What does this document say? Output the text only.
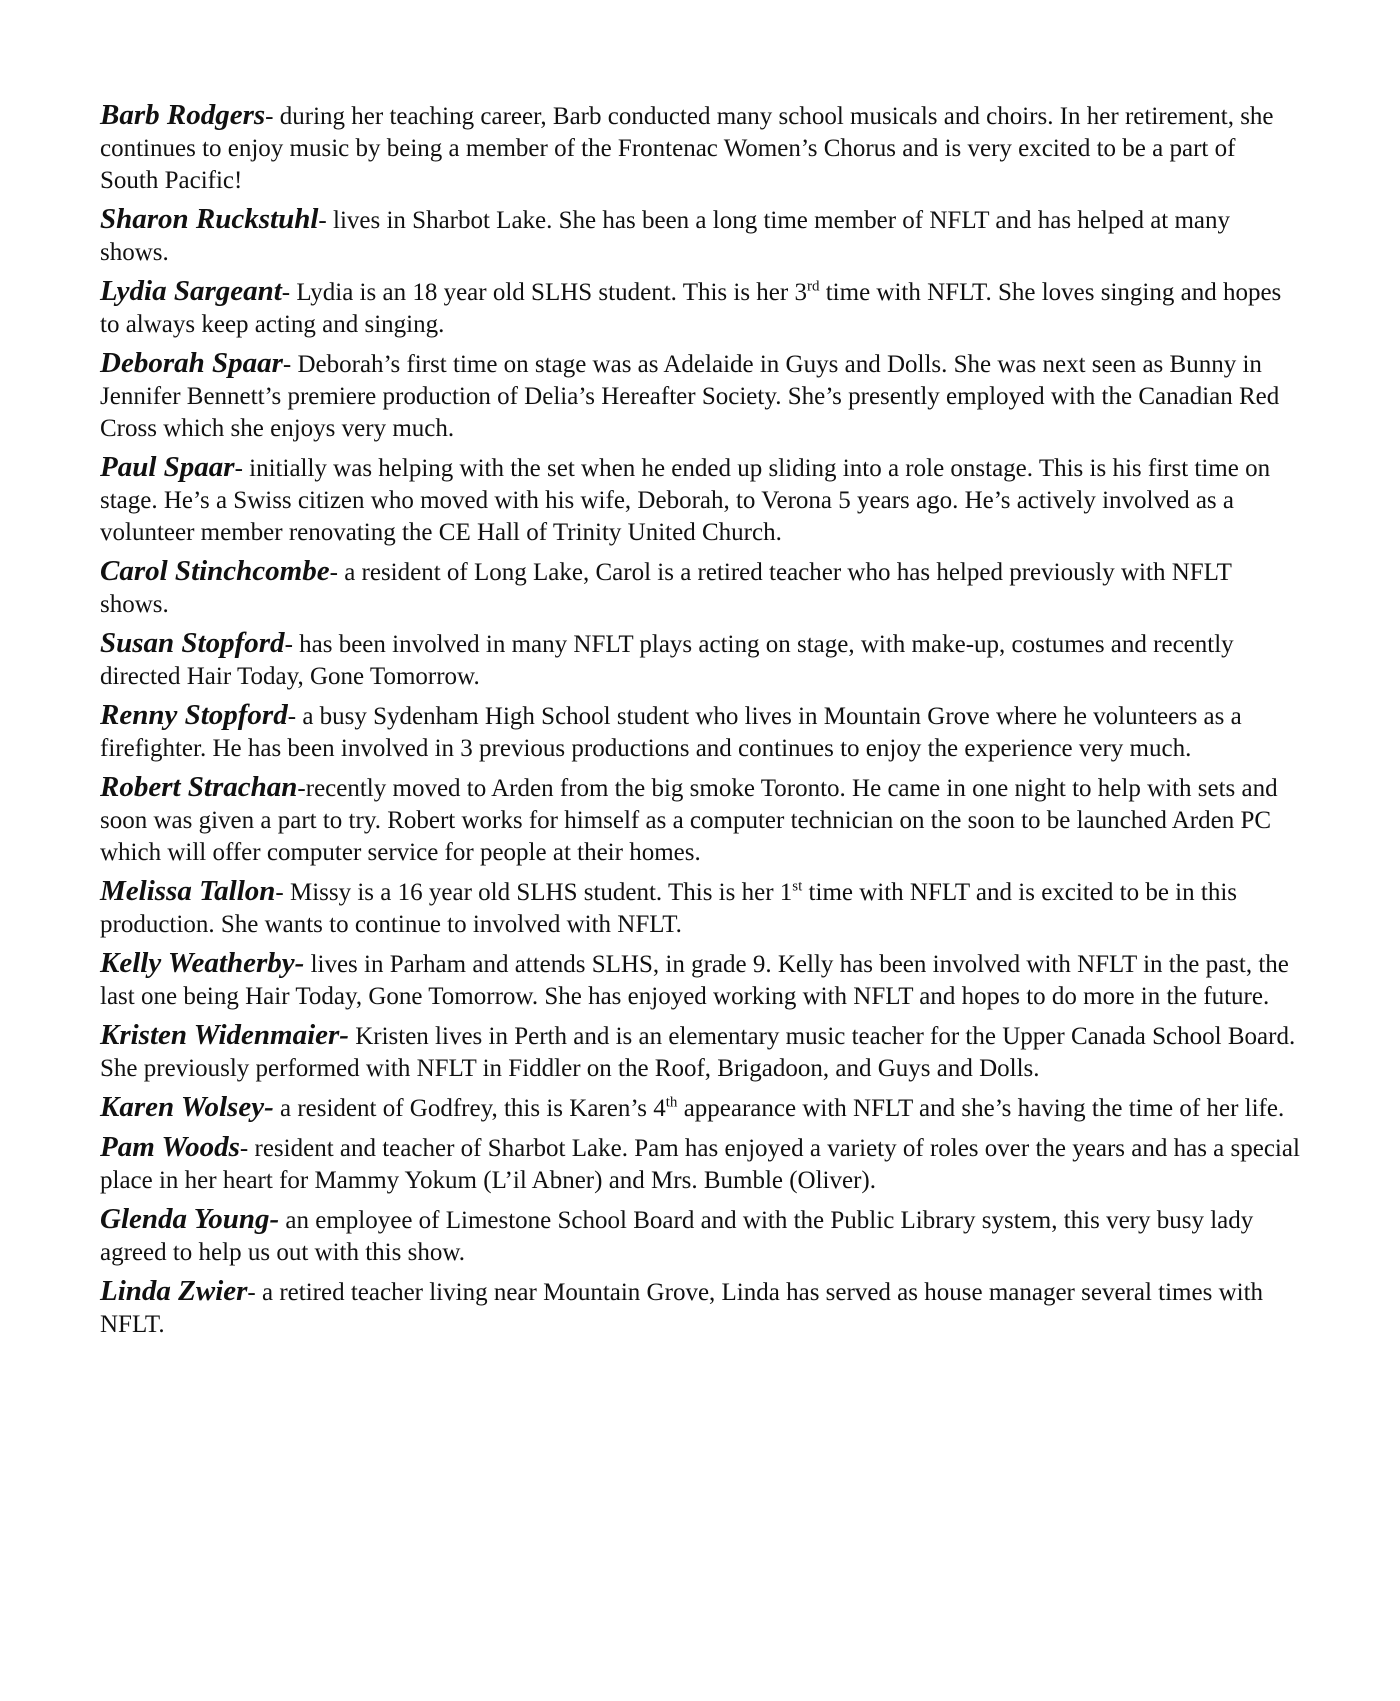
Barb Rodgers- during her teaching career, Barb conducted many school musicals and choirs. In her retirement, she continues to enjoy music by being a member of the Frontenac Women’s Chorus and is very excited to be a part of South Pacific!

Sharon Ruckstuhl- lives in Sharbot Lake. She has been a long time member of NFLT and has helped at many shows.

Lydia Sargeant- Lydia is an 18 year old SLHS student. This is her 3rd time with NFLT. She loves singing and hopes to always keep acting and singing.

Deborah Spaar- Deborah’s first time on stage was as Adelaide in Guys and Dolls. She was next seen as Bunny in Jennifer Bennett’s premiere production of Delia’s Hereafter Society. She’s presently employed with the Canadian Red Cross which she enjoys very much.

Paul Spaar- initially was helping with the set when he ended up sliding into a role onstage. This is his first time on stage. He’s a Swiss citizen who moved with his wife, Deborah, to Verona 5 years ago. He’s actively involved as a volunteer member renovating the CE Hall of Trinity United Church.

Carol Stinchcombe- a resident of Long Lake, Carol is a retired teacher who has helped previously with NFLT shows.

Susan Stopford- has been involved in many NFLT plays acting on stage, with make-up, costumes and recently directed Hair Today, Gone Tomorrow.

Renny Stopford- a busy Sydenham High School student who lives in Mountain Grove where he volunteers as a firefighter. He has been involved in 3 previous productions and continues to enjoy the experience very much.

Robert Strachan-recently moved to Arden from the big smoke Toronto. He came in one night to help with sets and soon was given a part to try. Robert works for himself as a computer technician on the soon to be launched Arden PC which will offer computer service for people at their homes.

Melissa Tallon- Missy is a 16 year old SLHS student. This is her 1st time with NFLT and is excited to be in this production. She wants to continue to involved with NFLT.

Kelly Weatherby- lives in Parham and attends SLHS, in grade 9. Kelly has been involved with NFLT in the past, the last one being Hair Today, Gone Tomorrow. She has enjoyed working with NFLT and hopes to do more in the future.

Kristen Widenmaier- Kristen lives in Perth and is an elementary music teacher for the Upper Canada School Board. She previously performed with NFLT in Fiddler on the Roof, Brigadoon, and Guys and Dolls.

Karen Wolsey- a resident of Godfrey, this is Karen’s 4th appearance with NFLT and she’s having the time of her life.

Pam Woods- resident and teacher of Sharbot Lake. Pam has enjoyed a variety of roles over the years and has a special place in her heart for Mammy Yokum (L’il Abner) and Mrs. Bumble (Oliver).

Glenda Young- an employee of Limestone School Board and with the Public Library system, this very busy lady agreed to help us out with this show.

Linda Zwier- a retired teacher living near Mountain Grove, Linda has served as house manager several times with NFLT.
